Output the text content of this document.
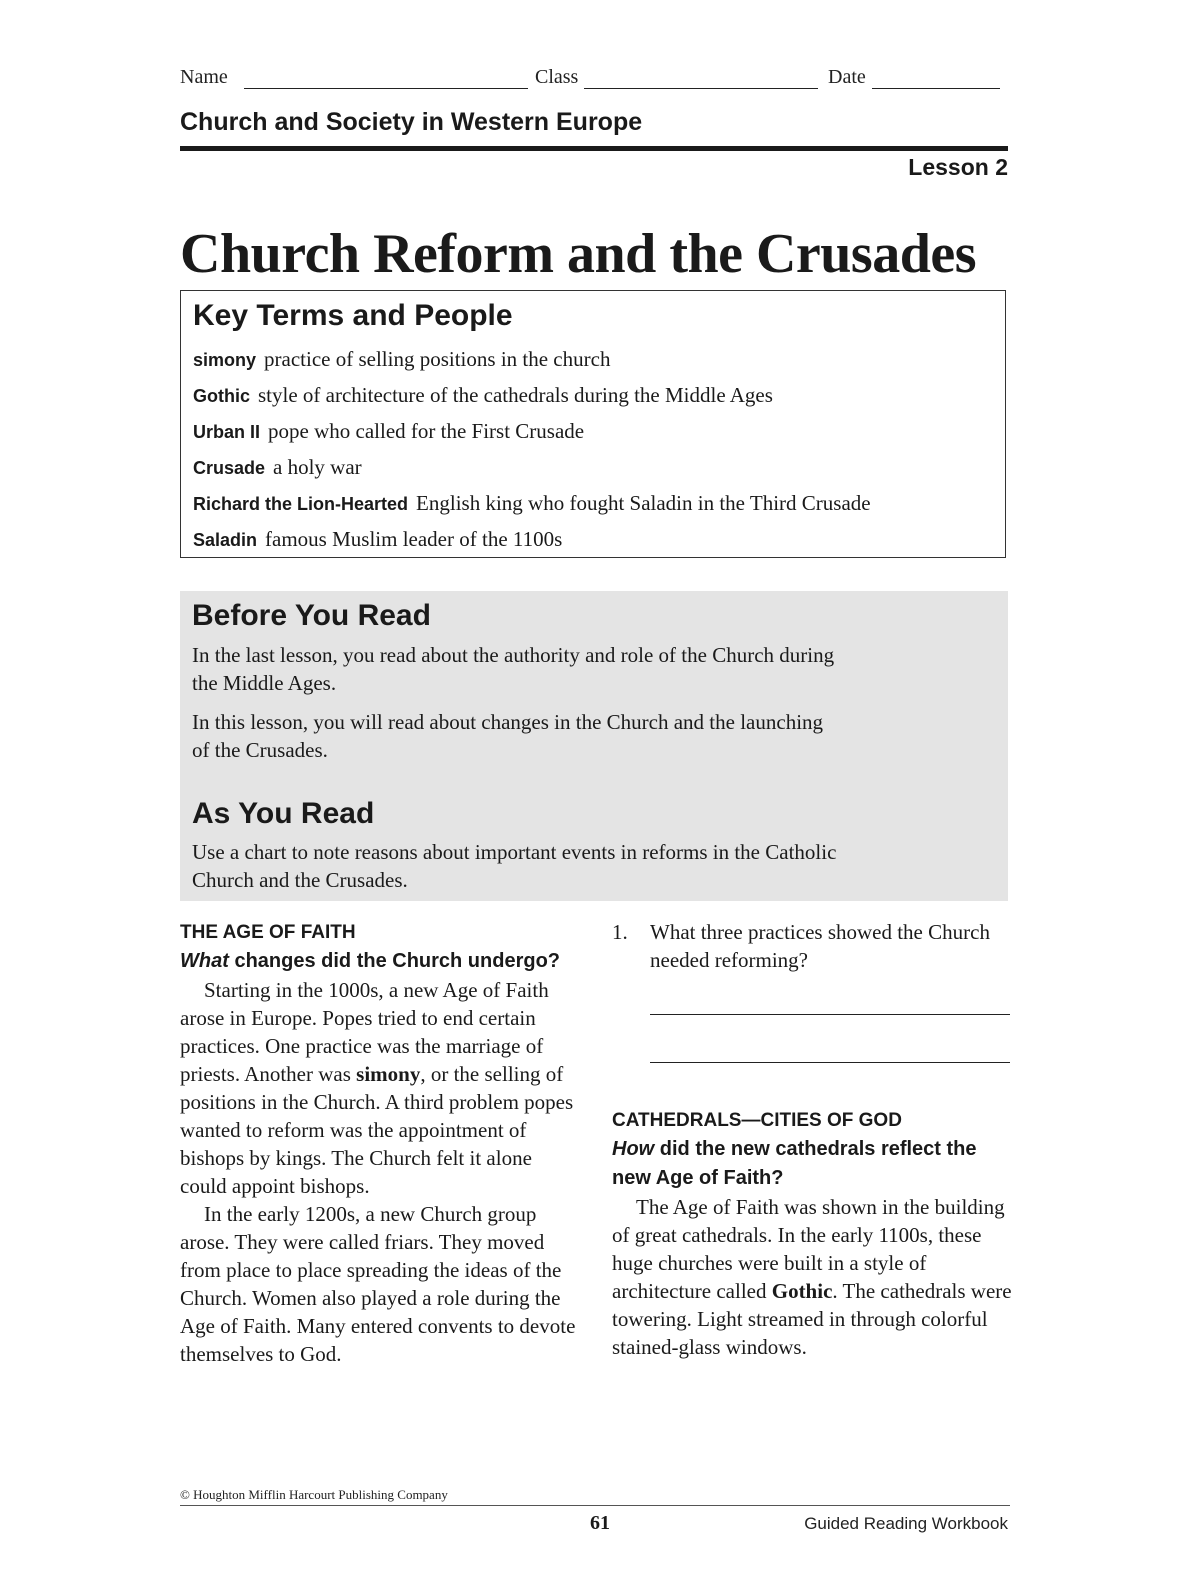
Name	Class	Date
Church and Society in Western Europe
Lesson 2
Church Reform and the Crusades
Key Terms and People
simony practice of selling positions in the church
Gothic style of architecture of the cathedrals during the Middle Ages
Urban II pope who called for the First Crusade
Crusade a holy war
Richard the Lion-Hearted English king who fought Saladin in the Third Crusade
Saladin famous Muslim leader of the 1100s
Before You Read
In the last lesson, you read about the authority and role of the Church during the Middle Ages.
In this lesson, you will read about changes in the Church and the launching of the Crusades.
As You Read
Use a chart to note reasons about important events in reforms in the Catholic Church and the Crusades.
THE AGE OF FAITH
What changes did the Church undergo?

Starting in the 1000s, a new Age of Faith arose in Europe. Popes tried to end certain practices. One practice was the marriage of priests. Another was simony, or the selling of positions in the Church. A third problem popes wanted to reform was the appointment of bishops by kings. The Church felt it alone could appoint bishops.

In the early 1200s, a new Church group arose. They were called friars. They moved from place to place spreading the ideas of the Church. Women also played a role during the Age of Faith. Many entered convents to devote themselves to God.

1. What three practices showed the Church needed reforming?
CATHEDRALS—CITIES OF GOD
How did the new cathedrals reflect the new Age of Faith?

The Age of Faith was shown in the building of great cathedrals. In the early 1100s, these huge churches were built in a style of architecture called Gothic. The cathedrals were towering. Light streamed in through colorful stained-glass windows.

© Houghton Mifflin Harcourt Publishing Company
61	Guided Reading Workbook
